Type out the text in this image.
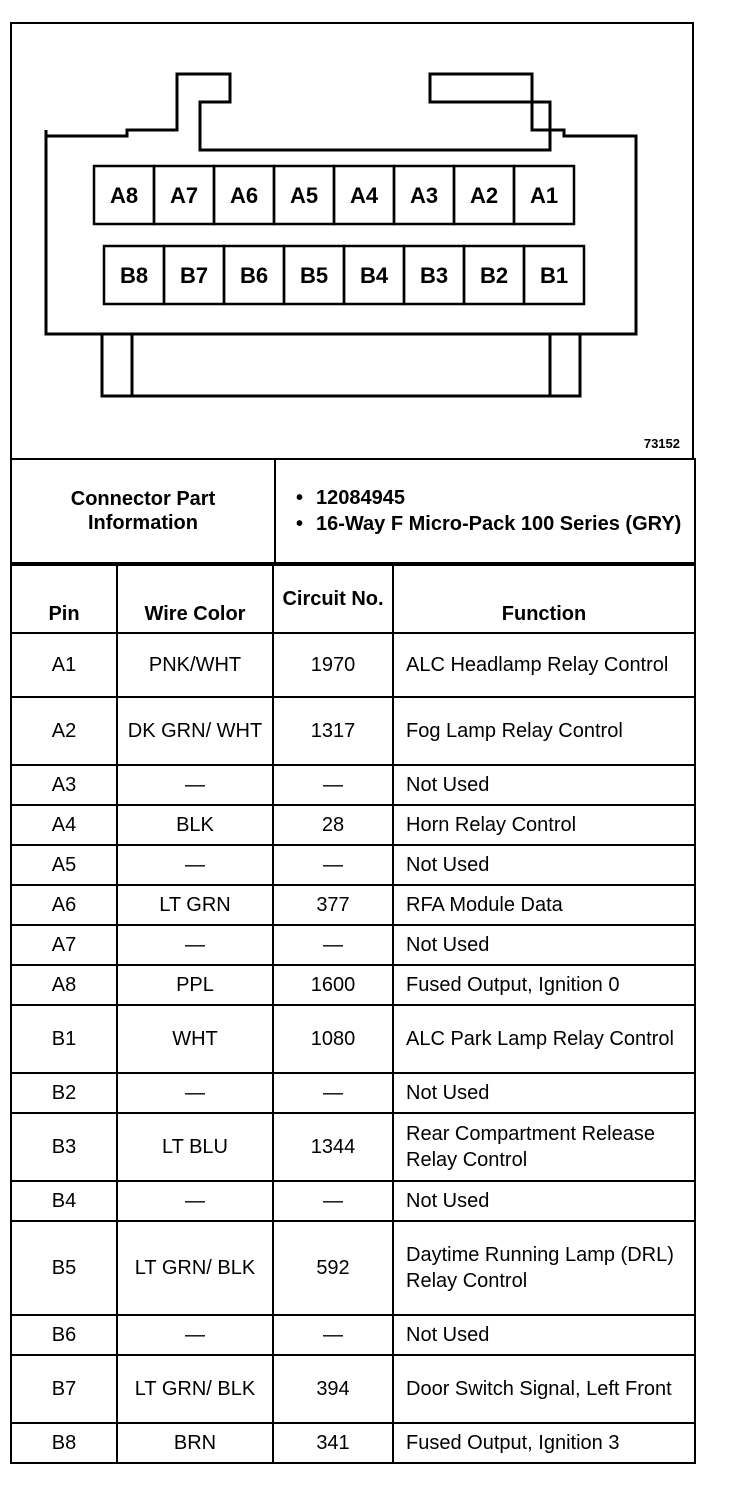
A8 A7 A6 A5 A4 A3 A2 A1
B8 B7 B6 B5 B4 B3 B2 B1
73152
Connector Part Information	
• 12084945
• 16-Way F Micro-Pack 100 Series (GRY)
Pin	Wire Color	Circuit No.	Function
A1	PNK/WHT	1970	ALC Headlamp Relay Control
A2	DK GRN/ WHT	1317	Fog Lamp Relay Control
A3	—	—	Not Used
A4	BLK	28	Horn Relay Control
A5	—	—	Not Used
A6	LT GRN	377	RFA Module Data
A7	—	—	Not Used
A8	PPL	1600	Fused Output, Ignition 0
B1	WHT	1080	ALC Park Lamp Relay Control
B2	—	—	Not Used
B3	LT BLU	1344	Rear Compartment Release Relay Control
B4	—	—	Not Used
B5	LT GRN/ BLK	592	Daytime Running Lamp (DRL) Relay Control
B6	—	—	Not Used
B7	LT GRN/ BLK	394	Door Switch Signal, Left Front
B8	BRN	341	Fused Output, Ignition 3
